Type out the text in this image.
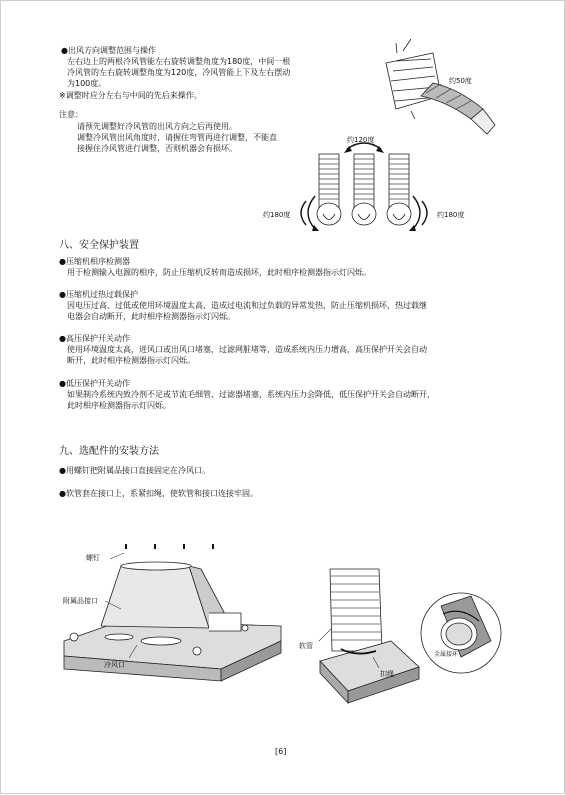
●出风方向调整范围与操作
左右边上的两根冷风管能左右旋转调整角度为180度，中间一根
冷风管的左右旋转调整角度为120度，冷风管能上下及左右摆动
为100度。
※调整时应分左右与中间的先后来操作。
注意：
请预先调整好冷风管的出风方向之后再使用。
调整冷风管出风角度时，请握住弯管再进行调整，不能直
接握住冷风管进行调整，否则机器会有损坏。
约50度
约120度
约180度	约180度
八、安全保护装置
●压缩机相序检测器
用于检测输入电源的相序，防止压缩机反转而造成损坏，此时相序检测器指示灯闪烁。
●压缩机过热过载保护
因电压过高、过低或使用环境温度太高，造成过电流和过负载的异常发热，防止压缩机损坏，热过载继
电器会自动断开，此时相序检测器指示灯闪烁。
●高压保护开关动作
使用环境温度太高，进风口或出风口堵塞，过滤网脏堵等，造成系统内压力增高，高压保护开关会自动
断开，此时相序检测器指示灯闪烁。
●低压保护开关动作
如果制冷系统内致冷剂不足或节流毛细管、过滤器堵塞，系统内压力会降低，低压保护开关会自动断开，
此时相序检测器指示灯闪烁。
九、选配件的安装方法
●用螺钉把附属品接口直接固定在冷风口。
●软管套在接口上，系紧扣绳，使软管和接口连接牢固。
螺钉
附属品接口
冷风口
软管
扣绳
金属接环
[6]
